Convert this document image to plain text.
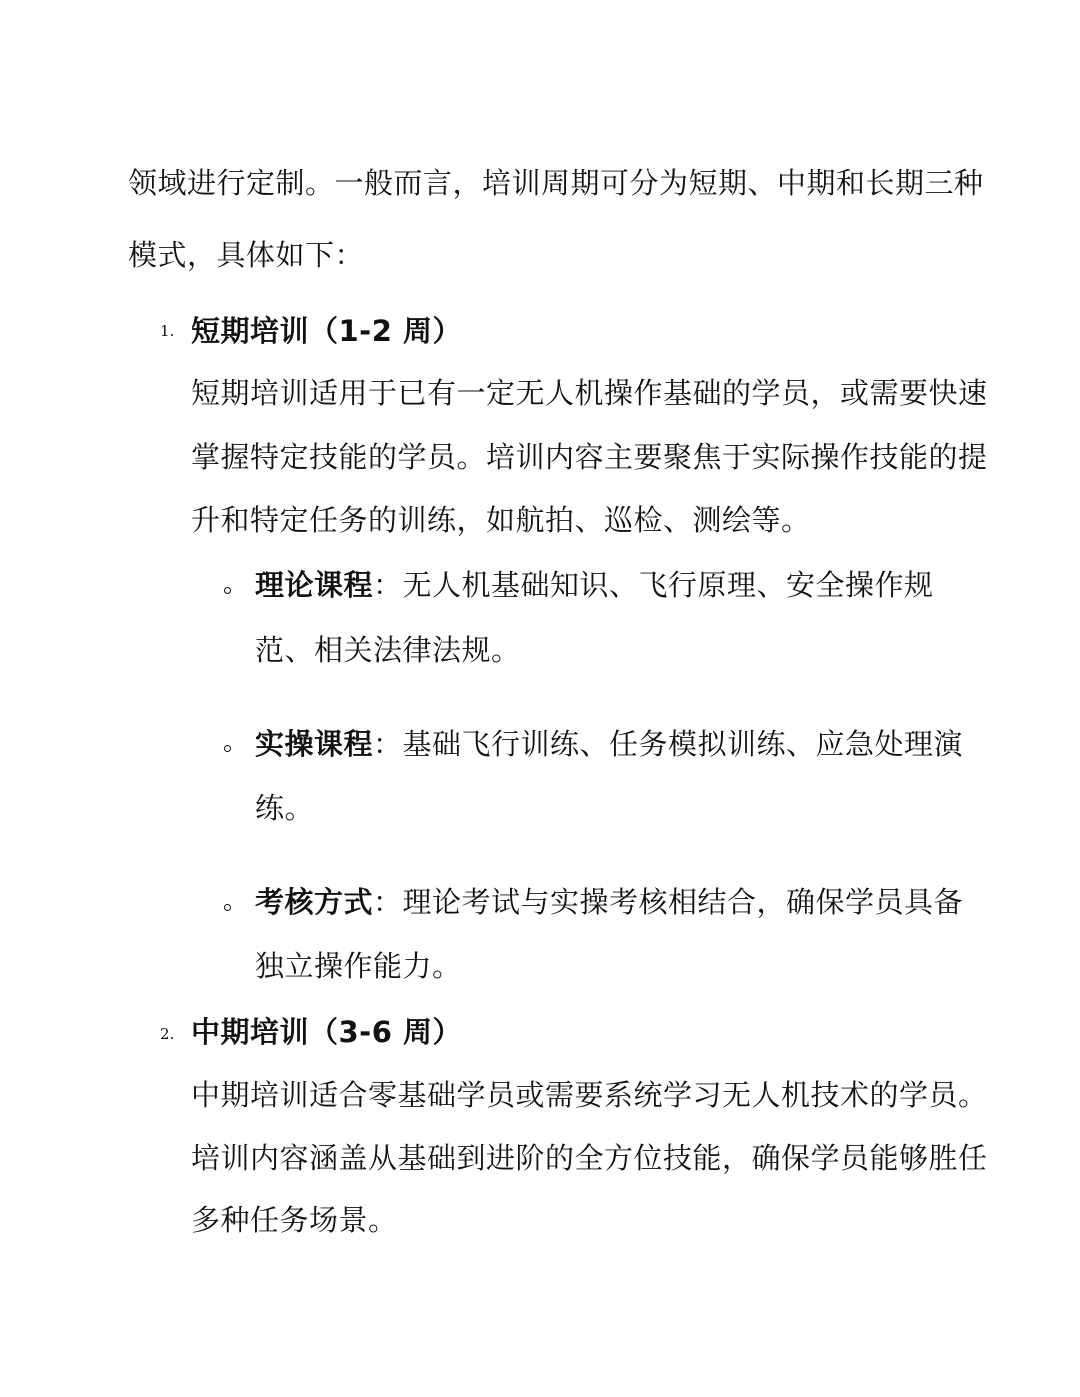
领域进行定制。一般而言，培训周期可分为短期、中期和长期三种
模式，具体如下：
1. 短期培训（1-2 周）
短期培训适用于已有一定无人机操作基础的学员，或需要快速
掌握特定技能的学员。培训内容主要聚焦于实际操作技能的提
升和特定任务的训练，如航拍、巡检、测绘等。
理论课程：无人机基础知识、飞行原理、安全操作规
范、相关法律法规。
实操课程：基础飞行训练、任务模拟训练、应急处理演
练。
考核方式：理论考试与实操考核相结合，确保学员具备
独立操作能力。
2. 中期培训（3-6 周）
中期培训适合零基础学员或需要系统学习无人机技术的学员。
培训内容涵盖从基础到进阶的全方位技能，确保学员能够胜任
多种任务场景。
